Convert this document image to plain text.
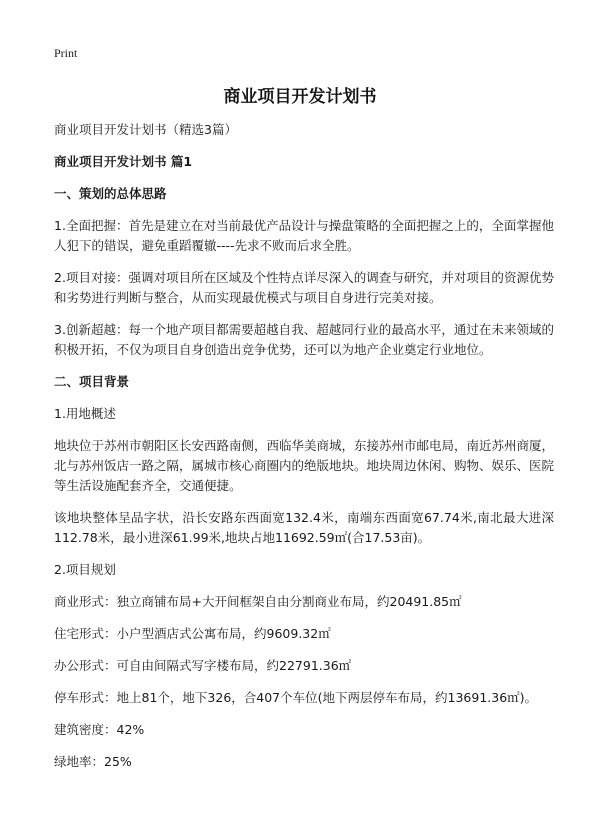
Print
商业项目开发计划书

商业项目开发计划书（精选3篇）

商业项目开发计划书 篇1

一、策划的总体思路

1.全面把握：首先是建立在对当前最优产品设计与操盘策略的全面把握之上的，全面掌握他人犯下的错误，避免重蹈覆辙----先求不败而后求全胜。

2.项目对接：强调对项目所在区域及个性特点详尽深入的调查与研究，并对项目的资源优势和劣势进行判断与整合，从而实现最优模式与项目自身进行完美对接。

3.创新超越：每一个地产项目都需要超越自我、超越同行业的最高水平，通过在未来领域的积极开拓，不仅为项目自身创造出竞争优势，还可以为地产企业奠定行业地位。

二、项目背景

1.用地概述

地块位于苏州市朝阳区长安西路南侧，西临华美商城，东接苏州市邮电局，南近苏州商厦，北与苏州饭店一路之隔，属城市核心商圈内的绝版地块。地块周边休闲、购物、娱乐、医院等生活设施配套齐全，交通便捷。

该地块整体呈品字状，沿长安路东西面宽132.4米，南端东西面宽67.74米,南北最大进深112.78米，最小进深61.99米,地块占地11692.59㎡(合17.53亩)。

2.项目规划

商业形式：独立商铺布局+大开间框架自由分割商业布局，约20491.85㎡

住宅形式：小户型酒店式公寓布局，约9609.32㎡

办公形式：可自由间隔式写字楼布局，约22791.36㎡

停车形式：地上81个，地下326，合407个车位(地下两层停车布局，约13691.36㎡)。

建筑密度：42%

绿地率：25%
